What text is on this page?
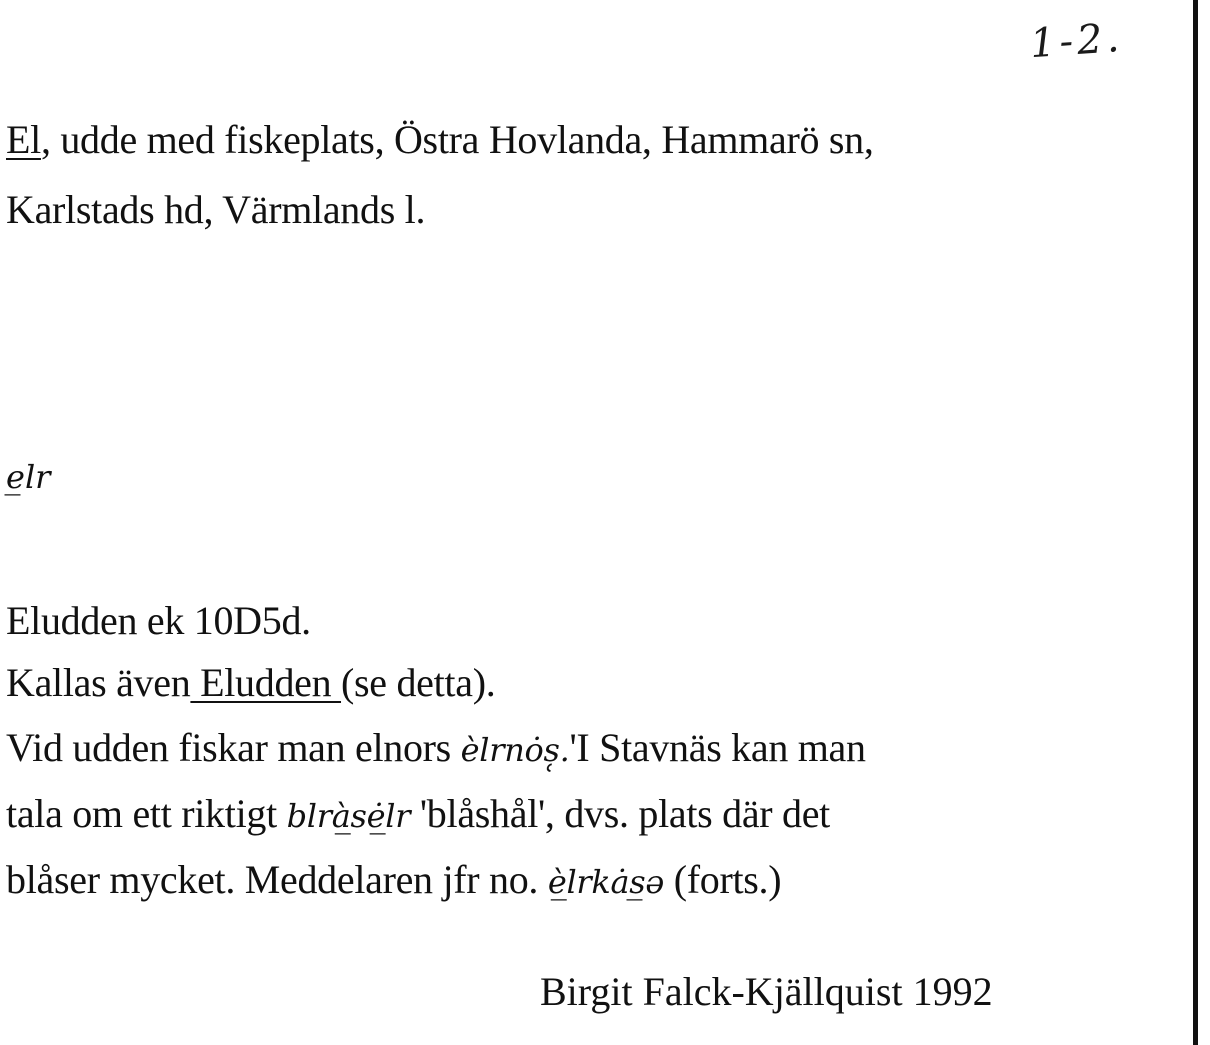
1-2.
El, udde med fiskeplats, Östra Hovlanda, Hammarö sn,
Karlstads hd, Värmlands l.
e̲lr
Eludden ek 10D5d.
Kallas även Eludden (se detta).
Vid udden fiskar man elnors èlrnȯs̜.'I Stavnäs kan man
tala om ett riktigt blrà̲sė̲lr 'blåshål', dvs. plats där det
blåser mycket. Meddelaren jfr no. è̲lrkȧs̲ə (forts.)
Birgit Falck-Kjällquist 1992
